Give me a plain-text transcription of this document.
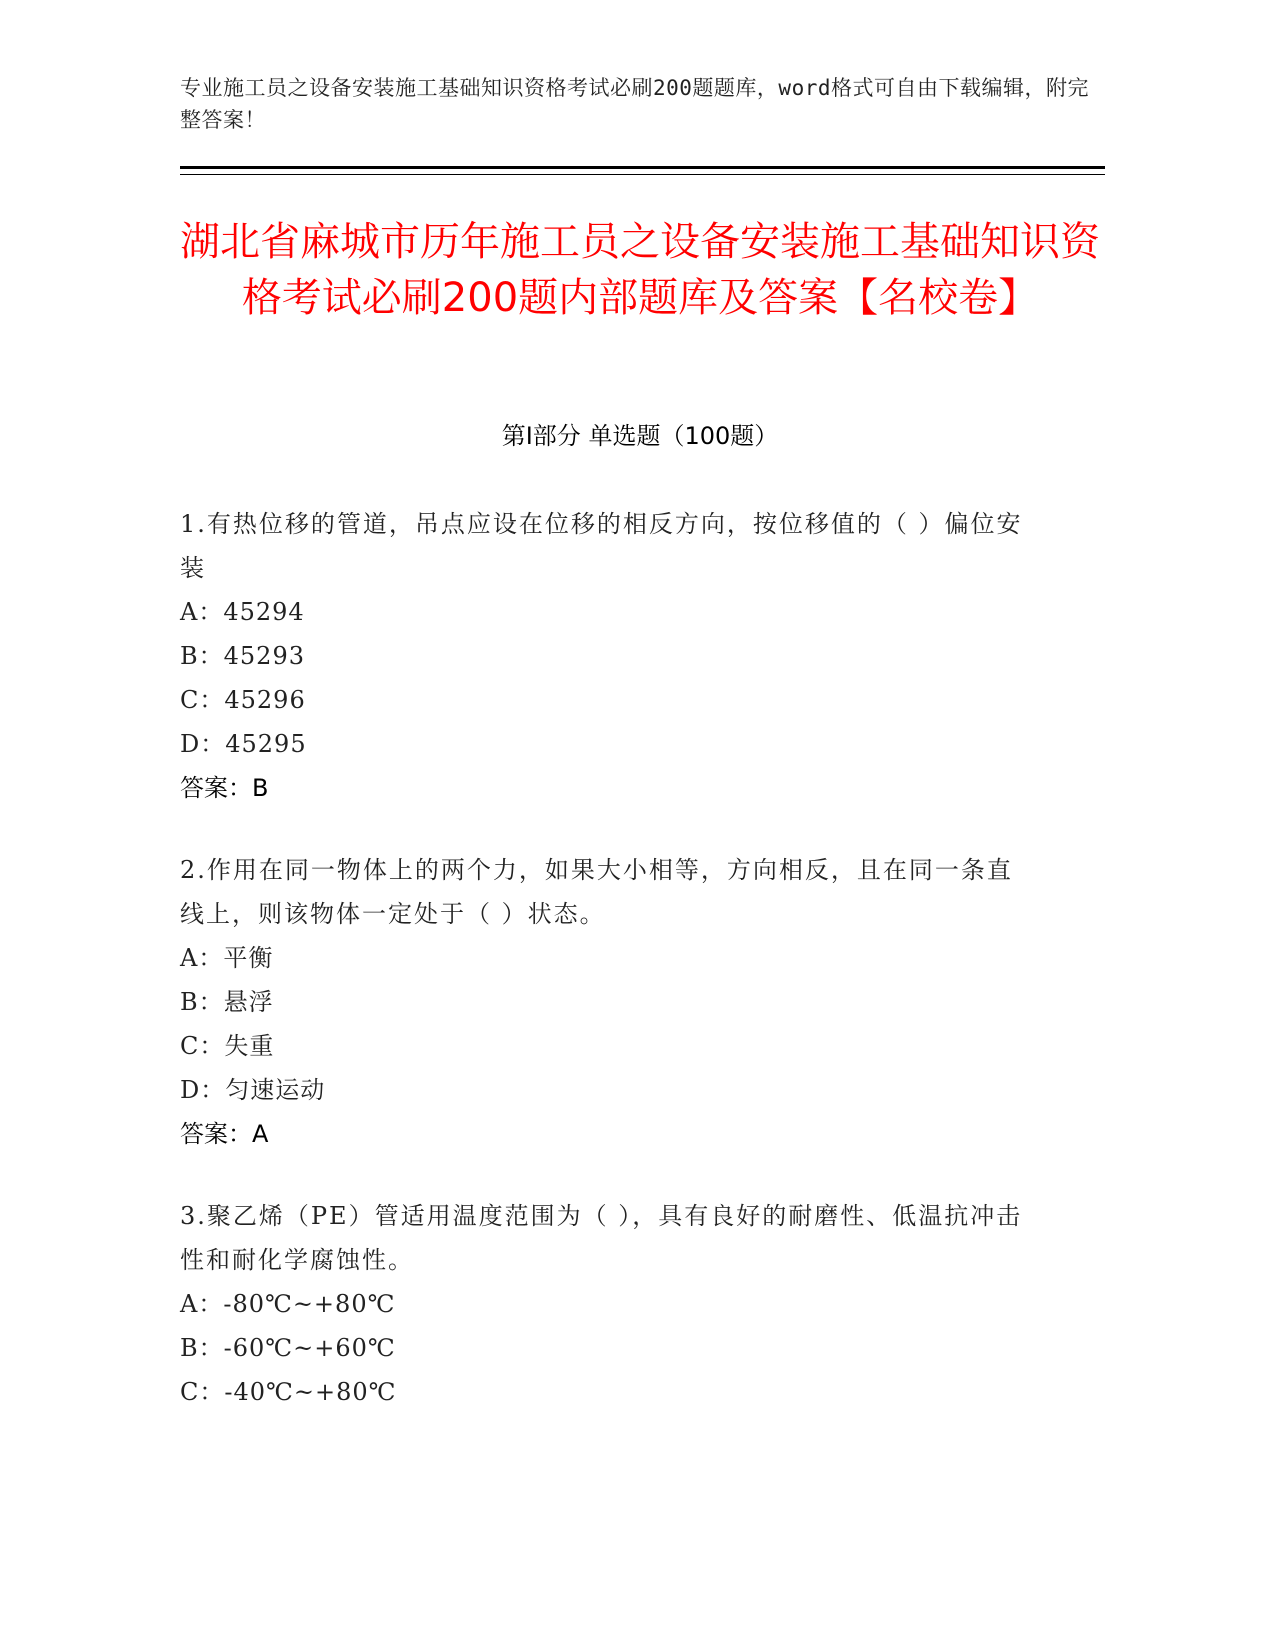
专业施工员之设备安装施工基础知识资格考试必刷200题题库，word格式可自由下载编辑，附完整答案！
湖北省麻城市历年施工员之设备安装施工基础知识资格考试必刷200题内部题库及答案【名校卷】
第Ⅰ部分 单选题（100题）
1.有热位移的管道，吊点应设在位移的相反方向，按位移值的（ ）偏位安装
A：45294
B：45293
C：45296
D：45295
答案：B
2.作用在同一物体上的两个力，如果大小相等，方向相反，且在同一条直线上，则该物体一定处于（ ）状态。
A：平衡
B：悬浮
C：失重
D：匀速运动
答案：A
3.聚乙烯（PE）管适用温度范围为（ ），具有良好的耐磨性、低温抗冲击性和耐化学腐蚀性。
A：-80℃~+80℃
B：-60℃~+60℃
C：-40℃~+80℃
